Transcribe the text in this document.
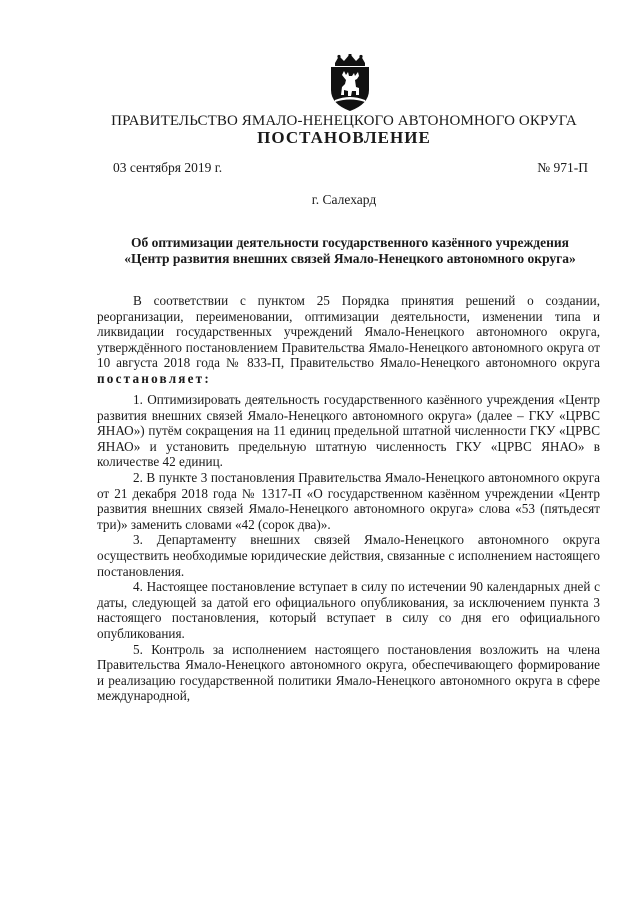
ПРАВИТЕЛЬСТВО ЯМАЛО-НЕНЕЦКОГО АВТОНОМНОГО ОКРУГА
ПОСТАНОВЛЕНИЕ
03 сентября 2019 г.	№ 971-П
г. Салехард
Об оптимизации деятельности государственного казённого учреждения
«Центр развития внешних связей Ямало-Ненецкого автономного округа»

В соответствии с пунктом 25 Порядка принятия решений о создании, реорганизации, переименовании, оптимизации деятельности, изменении типа и ликвидации государственных учреждений Ямало-Ненецкого автономного округа, утверждённого постановлением Правительства Ямало-Ненецкого автономного округа от 10 августа 2018 года № 833-П, Правительство Ямало-Ненецкого автономного округа постановляет:

1. Оптимизировать деятельность государственного казённого учреждения «Центр развития внешних связей Ямало-Ненецкого автономного округа» (далее – ГКУ «ЦРВС ЯНАО») путём сокращения на 11 единиц предельной штатной численности ГКУ «ЦРВС ЯНАО» и установить предельную штатную численность ГКУ «ЦРВС ЯНАО» в количестве 42 единиц.

2. В пункте 3 постановления Правительства Ямало-Ненецкого автономного округа от 21 декабря 2018 года № 1317-П «О государственном казённом учреждении «Центр развития внешних связей Ямало-Ненецкого автономного округа» слова «53 (пятьдесят три)» заменить словами «42 (сорок два)».

3. Департаменту внешних связей Ямало-Ненецкого автономного округа осуществить необходимые юридические действия, связанные с исполнением настоящего постановления.

4. Настоящее постановление вступает в силу по истечении 90 календарных дней с даты, следующей за датой его официального опубликования, за исключением пункта 3 настоящего постановления, который вступает в силу со дня его официального опубликования.

5. Контроль за исполнением настоящего постановления возложить на члена Правительства Ямало-Ненецкого автономного округа, обеспечивающего формирование и реализацию государственной политики Ямало-Ненецкого автономного округа в сфере международной,
